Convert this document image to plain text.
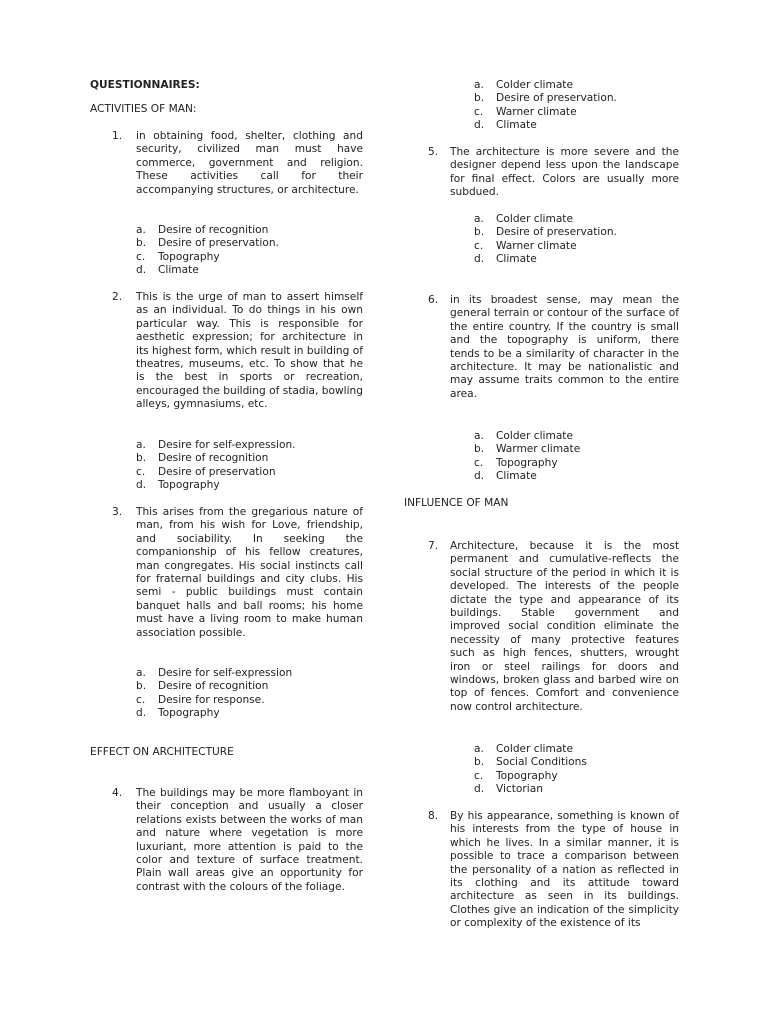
QUESTIONNAIRES:
ACTIVITIES OF MAN:
1. in obtaining food, shelter, clothing and security, civilized man must have commerce, government and religion. These activities call for their accompanying structures, or architecture.
a. Desire of recognition
b. Desire of preservation.
c. Topography
d. Climate
2. This is the urge of man to assert himself as an individual. To do things in his own particular way. This is responsible for aesthetic expression; for architecture in its highest form, which result in building of theatres, museums, etc. To show that he is the best in sports or recreation, encouraged the building of stadia, bowling alleys, gymnasiums, etc.
a. Desire for self-expression.
b. Desire of recognition
c. Desire of preservation
d. Topography
3. This arises from the gregarious nature of man, from his wish for Love, friendship, and sociability. In seeking the companionship of his fellow creatures, man congregates. His social instincts call for fraternal buildings and city clubs. His semi - public buildings must contain banquet halls and ball rooms; his home must have a living room to make human association possible.
a. Desire for self-expression
b. Desire of recognition
c. Desire for response.
d. Topography
EFFECT ON ARCHITECTURE
4. The buildings may be more flamboyant in their conception and usually a closer relations exists between the works of man and nature where vegetation is more luxuriant, more attention is paid to the color and texture of surface treatment. Plain wall areas give an opportunity for contrast with the colours of the foliage.
a. Colder climate
b. Desire of preservation.
c. Warner climate
d. Climate
5. The architecture is more severe and the designer depend less upon the landscape for final effect. Colors are usually more subdued.
a. Colder climate
b. Desire of preservation.
c. Warner climate
d. Climate
6. in its broadest sense, may mean the general terrain or contour of the surface of the entire country. If the country is small and the topography is uniform, there tends to be a similarity of character in the architecture. It may be nationalistic and may assume traits common to the entire area.
a. Colder climate
b. Warmer climate
c. Topography
d. Climate
INFLUENCE OF MAN
7. Architecture, because it is the most permanent and cumulative-reflects the social structure of the period in which it is developed. The interests of the people dictate the type and appearance of its buildings. Stable government and improved social condition eliminate the necessity of many protective features such as high fences, shutters, wrought iron or steel railings for doors and windows, broken glass and barbed wire on top of fences. Comfort and convenience now control architecture.
a. Colder climate
b. Social Conditions
c. Topography
d. Victorian
8. By his appearance, something is known of his interests from the type of house in which he lives. In a similar manner, it is possible to trace a comparison between the personality of a nation as reflected in its clothing and its attitude toward architecture as seen in its buildings. Clothes give an indication of the simplicity or complexity of the existence of its
